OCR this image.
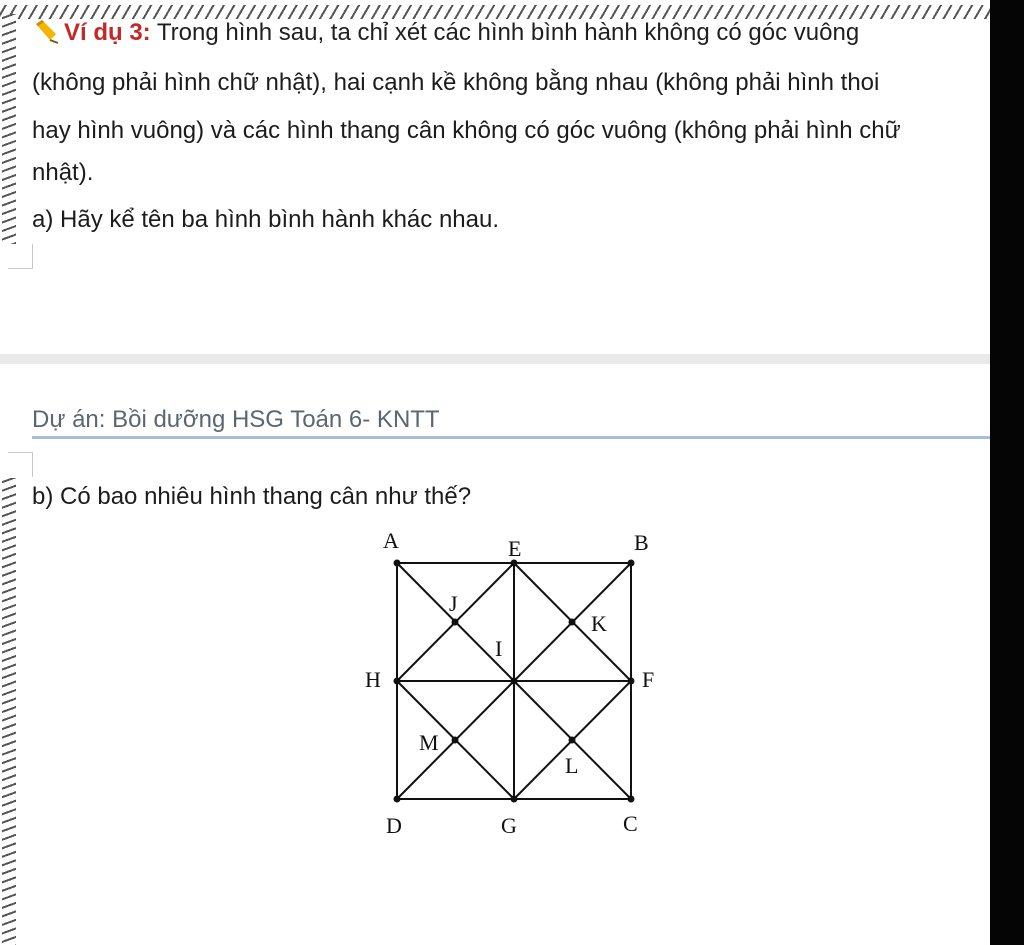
Ví dụ 3: Trong hình sau, ta chỉ xét các hình bình hành không có góc vuông
(không phải hình chữ nhật), hai cạnh kề không bằng nhau (không phải hình thoi
hay hình vuông) và các hình thang cân không có góc vuông (không phải hình chữ
nhật).
a) Hãy kể tên ba hình bình hành khác nhau.
Dự án: Bồi dưỡng HSG Toán 6- KNTT
b) Có bao nhiêu hình thang cân như thế?
A	E	B
J
K
I
H	F
M
L
D	G	C
